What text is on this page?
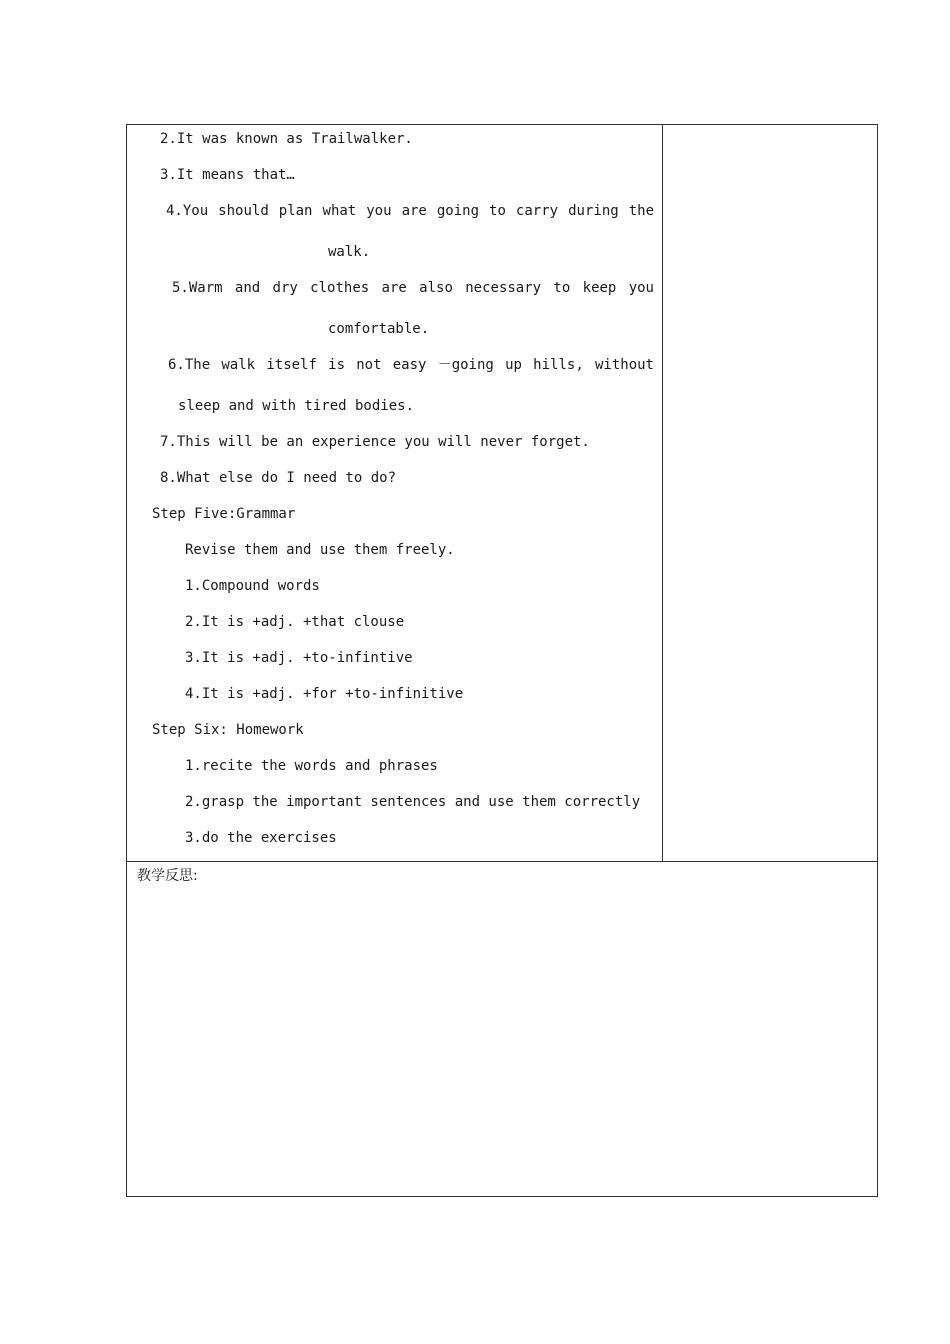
2.It was known as Trailwalker.
3.It means that…
4.You should plan what you are going to carry during the
walk.
5.Warm and dry clothes are also necessary to keep you
comfortable.
6.The walk itself is not easy －going up hills, without
sleep and with tired bodies.
7.This will be an experience you will never forget.
8.What else do I need to do?
Step Five:Grammar
Revise them and use them freely.
1.Compound words
2.It is +adj. +that clouse
3.It is +adj. +to-infintive
4.It is +adj. +for +to-infinitive
Step Six: Homework
1.recite the words and phrases
2.grasp the important sentences and use them correctly
3.do the exercises
教学反思:
